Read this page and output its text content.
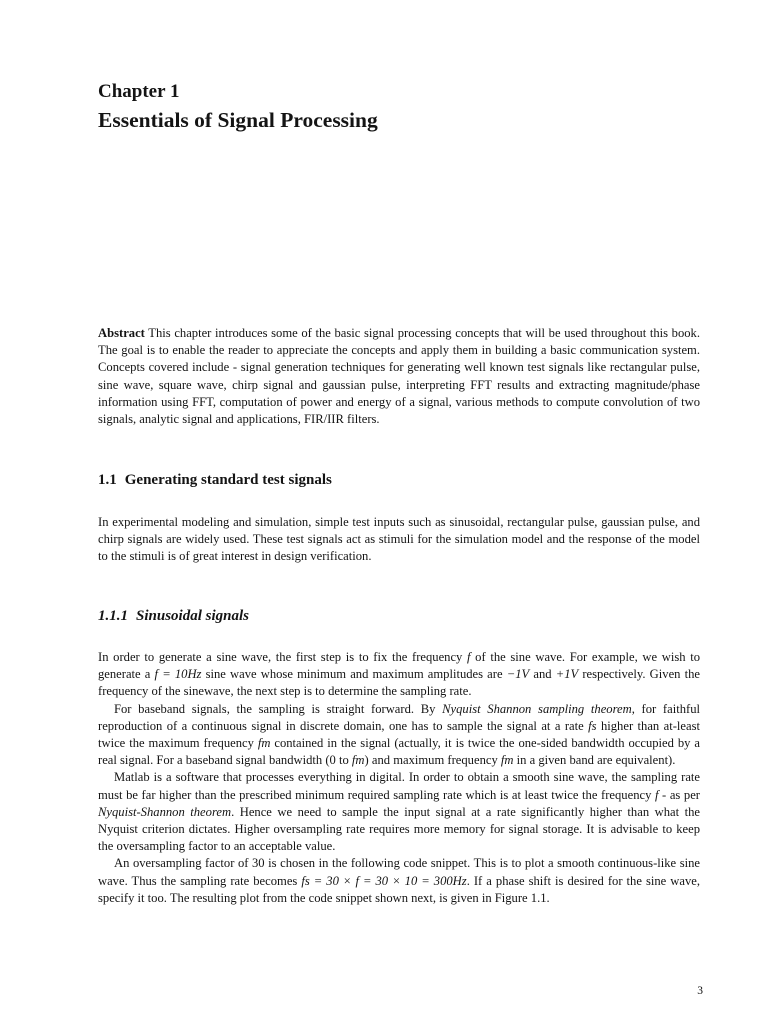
Chapter 1
Essentials of Signal Processing

Abstract This chapter introduces some of the basic signal processing concepts that will be used throughout this book. The goal is to enable the reader to appreciate the concepts and apply them in building a basic communication system. Concepts covered include - signal generation techniques for generating well known test signals like rectangular pulse, sine wave, square wave, chirp signal and gaussian pulse, interpreting FFT results and extracting magnitude/phase information using FFT, computation of power and energy of a signal, various methods to compute convolution of two signals, analytic signal and applications, FIR/IIR filters.

1.1 Generating standard test signals

In experimental modeling and simulation, simple test inputs such as sinusoidal, rectangular pulse, gaussian pulse, and chirp signals are widely used. These test signals act as stimuli for the simulation model and the response of the model to the stimuli is of great interest in design verification.

1.1.1 Sinusoidal signals

In order to generate a sine wave, the first step is to fix the frequency f of the sine wave. For example, we wish to generate a f = 10Hz sine wave whose minimum and maximum amplitudes are −1V and +1V respectively. Given the frequency of the sinewave, the next step is to determine the sampling rate.

For baseband signals, the sampling is straight forward. By Nyquist Shannon sampling theorem, for faithful reproduction of a continuous signal in discrete domain, one has to sample the signal at a rate fs higher than at-least twice the maximum frequency fm contained in the signal (actually, it is twice the one-sided bandwidth occupied by a real signal. For a baseband signal bandwidth (0 to fm) and maximum frequency fm in a given band are equivalent).

Matlab is a software that processes everything in digital. In order to obtain a smooth sine wave, the sampling rate must be far higher than the prescribed minimum required sampling rate which is at least twice the frequency f - as per Nyquist-Shannon theorem. Hence we need to sample the input signal at a rate significantly higher than what the Nyquist criterion dictates. Higher oversampling rate requires more memory for signal storage. It is advisable to keep the oversampling factor to an acceptable value.

An oversampling factor of 30 is chosen in the following code snippet. This is to plot a smooth continuous-like sine wave. Thus the sampling rate becomes fs = 30 × f = 30 × 10 = 300Hz. If a phase shift is desired for the sine wave, specify it too. The resulting plot from the code snippet shown next, is given in Figure 1.1.

3
